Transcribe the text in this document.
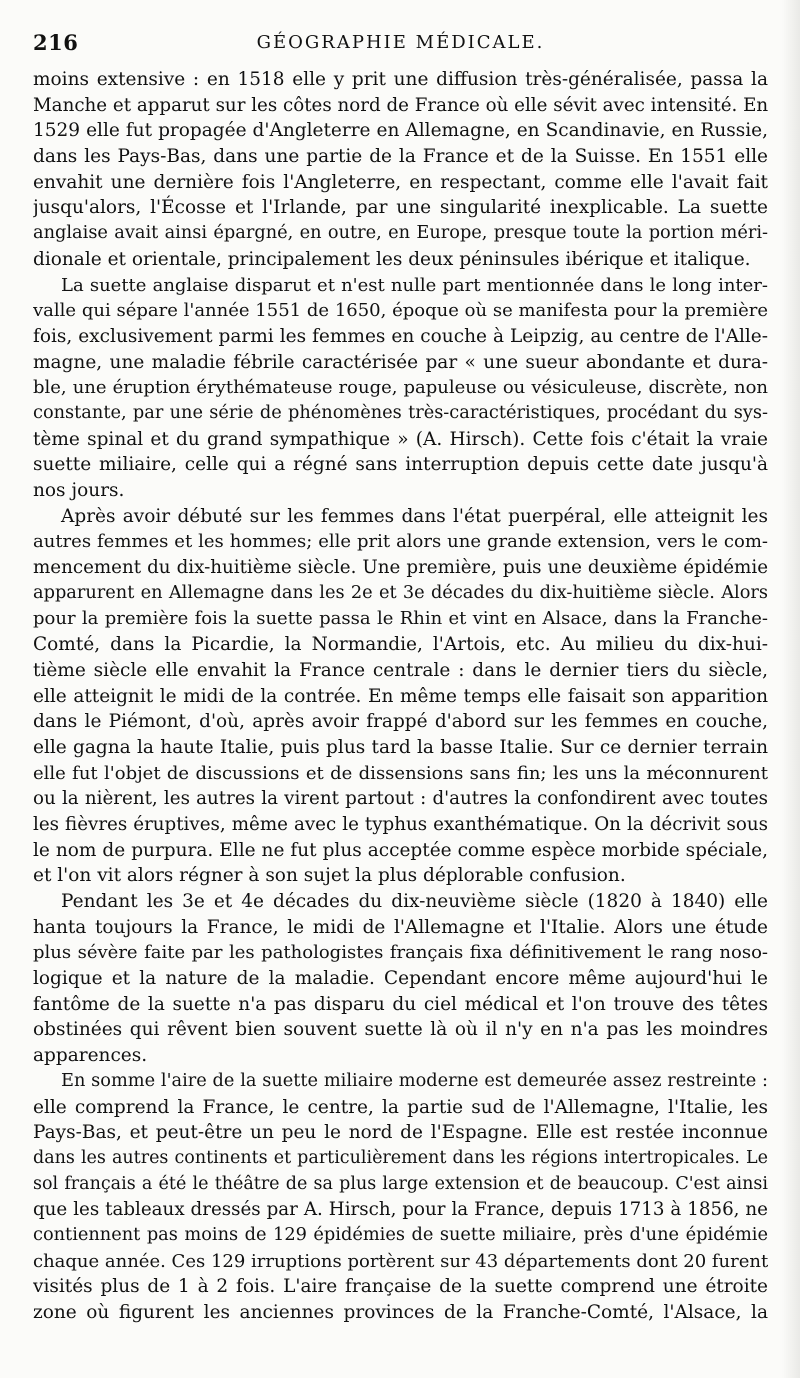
216	GÉOGRAPHIE MÉDICALE.
moins extensive : en 1518 elle y prit une diffusion très-généralisée, passa la
Manche et apparut sur les côtes nord de France où elle sévit avec intensité. En
1529 elle fut propagée d'Angleterre en Allemagne, en Scandinavie, en Russie,
dans les Pays-Bas, dans une partie de la France et de la Suisse. En 1551 elle
envahit une dernière fois l'Angleterre, en respectant, comme elle l'avait fait
jusqu'alors, l'Écosse et l'Irlande, par une singularité inexplicable. La suette
anglaise avait ainsi épargné, en outre, en Europe, presque toute la portion méri-
dionale et orientale, principalement les deux péninsules ibérique et italique.
La suette anglaise disparut et n'est nulle part mentionnée dans le long inter-
valle qui sépare l'année 1551 de 1650, époque où se manifesta pour la première
fois, exclusivement parmi les femmes en couche à Leipzig, au centre de l'Alle-
magne, une maladie fébrile caractérisée par « une sueur abondante et dura-
ble, une éruption érythémateuse rouge, papuleuse ou vésiculeuse, discrète, non
constante, par une série de phénomènes très-caractéristiques, procédant du sys-
tème spinal et du grand sympathique » (A. Hirsch). Cette fois c'était la vraie
suette miliaire, celle qui a régné sans interruption depuis cette date jusqu'à
nos jours.
Après avoir débuté sur les femmes dans l'état puerpéral, elle atteignit les
autres femmes et les hommes; elle prit alors une grande extension, vers le com-
mencement du dix-huitième siècle. Une première, puis une deuxième épidémie
apparurent en Allemagne dans les 2e et 3e décades du dix-huitième siècle. Alors
pour la première fois la suette passa le Rhin et vint en Alsace, dans la Franche-
Comté, dans la Picardie, la Normandie, l'Artois, etc. Au milieu du dix-hui-
tième siècle elle envahit la France centrale : dans le dernier tiers du siècle,
elle atteignit le midi de la contrée. En même temps elle faisait son apparition
dans le Piémont, d'où, après avoir frappé d'abord sur les femmes en couche,
elle gagna la haute Italie, puis plus tard la basse Italie. Sur ce dernier terrain
elle fut l'objet de discussions et de dissensions sans fin; les uns la méconnurent
ou la nièrent, les autres la virent partout : d'autres la confondirent avec toutes
les fièvres éruptives, même avec le typhus exanthématique. On la décrivit sous
le nom de purpura. Elle ne fut plus acceptée comme espèce morbide spéciale,
et l'on vit alors régner à son sujet la plus déplorable confusion.
Pendant les 3e et 4e décades du dix-neuvième siècle (1820 à 1840) elle
hanta toujours la France, le midi de l'Allemagne et l'Italie. Alors une étude
plus sévère faite par les pathologistes français fixa définitivement le rang noso-
logique et la nature de la maladie. Cependant encore même aujourd'hui le
fantôme de la suette n'a pas disparu du ciel médical et l'on trouve des têtes
obstinées qui rêvent bien souvent suette là où il n'y en n'a pas les moindres
apparences.
En somme l'aire de la suette miliaire moderne est demeurée assez restreinte :
elle comprend la France, le centre, la partie sud de l'Allemagne, l'Italie, les
Pays-Bas, et peut-être un peu le nord de l'Espagne. Elle est restée inconnue
dans les autres continents et particulièrement dans les régions intertropicales. Le
sol français a été le théâtre de sa plus large extension et de beaucoup. C'est ainsi
que les tableaux dressés par A. Hirsch, pour la France, depuis 1713 à 1856, ne
contiennent pas moins de 129 épidémies de suette miliaire, près d'une épidémie
chaque année. Ces 129 irruptions portèrent sur 43 départements dont 20 furent
visités plus de 1 à 2 fois. L'aire française de la suette comprend une étroite
zone où figurent les anciennes provinces de la Franche-Comté, l'Alsace, la
